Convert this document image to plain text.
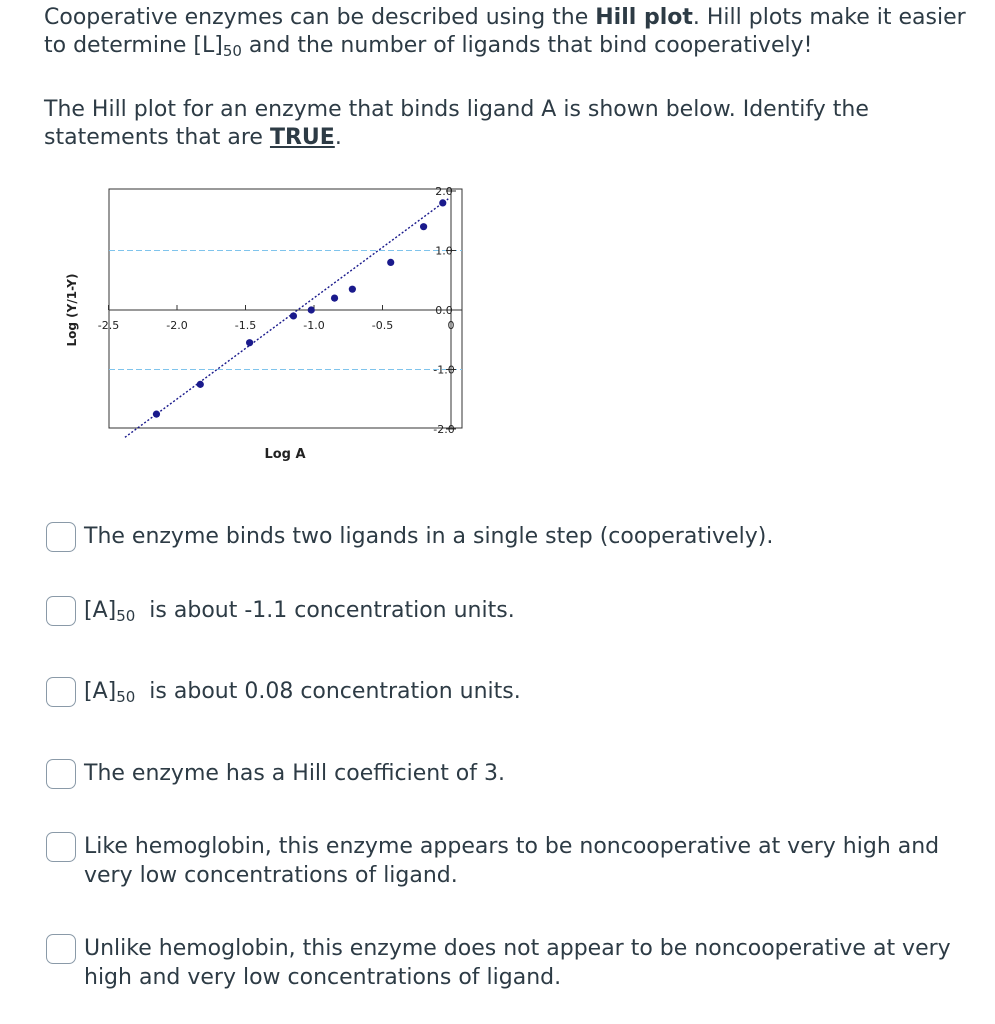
Cooperative enzymes can be described using the Hill plot. Hill plots make it easier to determine $[L]_{50}$ and the number of ligands that bind cooperatively!

The Hill plot for an enzyme that binds ligand A is shown below. Identify the statements that are TRUE.

-2.5	-2.0	-1.5	-1.0	-0.5	0
2.0
1.0
0.0
-1.0
-2.0
Log A
Log (Y/1-Y)
The enzyme binds two ligands in a single step (cooperatively).
$[A]_{50}$  is about -1.1 concentration units.
$[A]_{50}$  is about 0.08 concentration units.
The enzyme has a Hill coefficient of 3.
Like hemoglobin, this enzyme appears to be noncooperative at very high and very low concentrations of ligand.
Unlike hemoglobin, this enzyme does not appear to be noncooperative at very high and very low concentrations of ligand.
